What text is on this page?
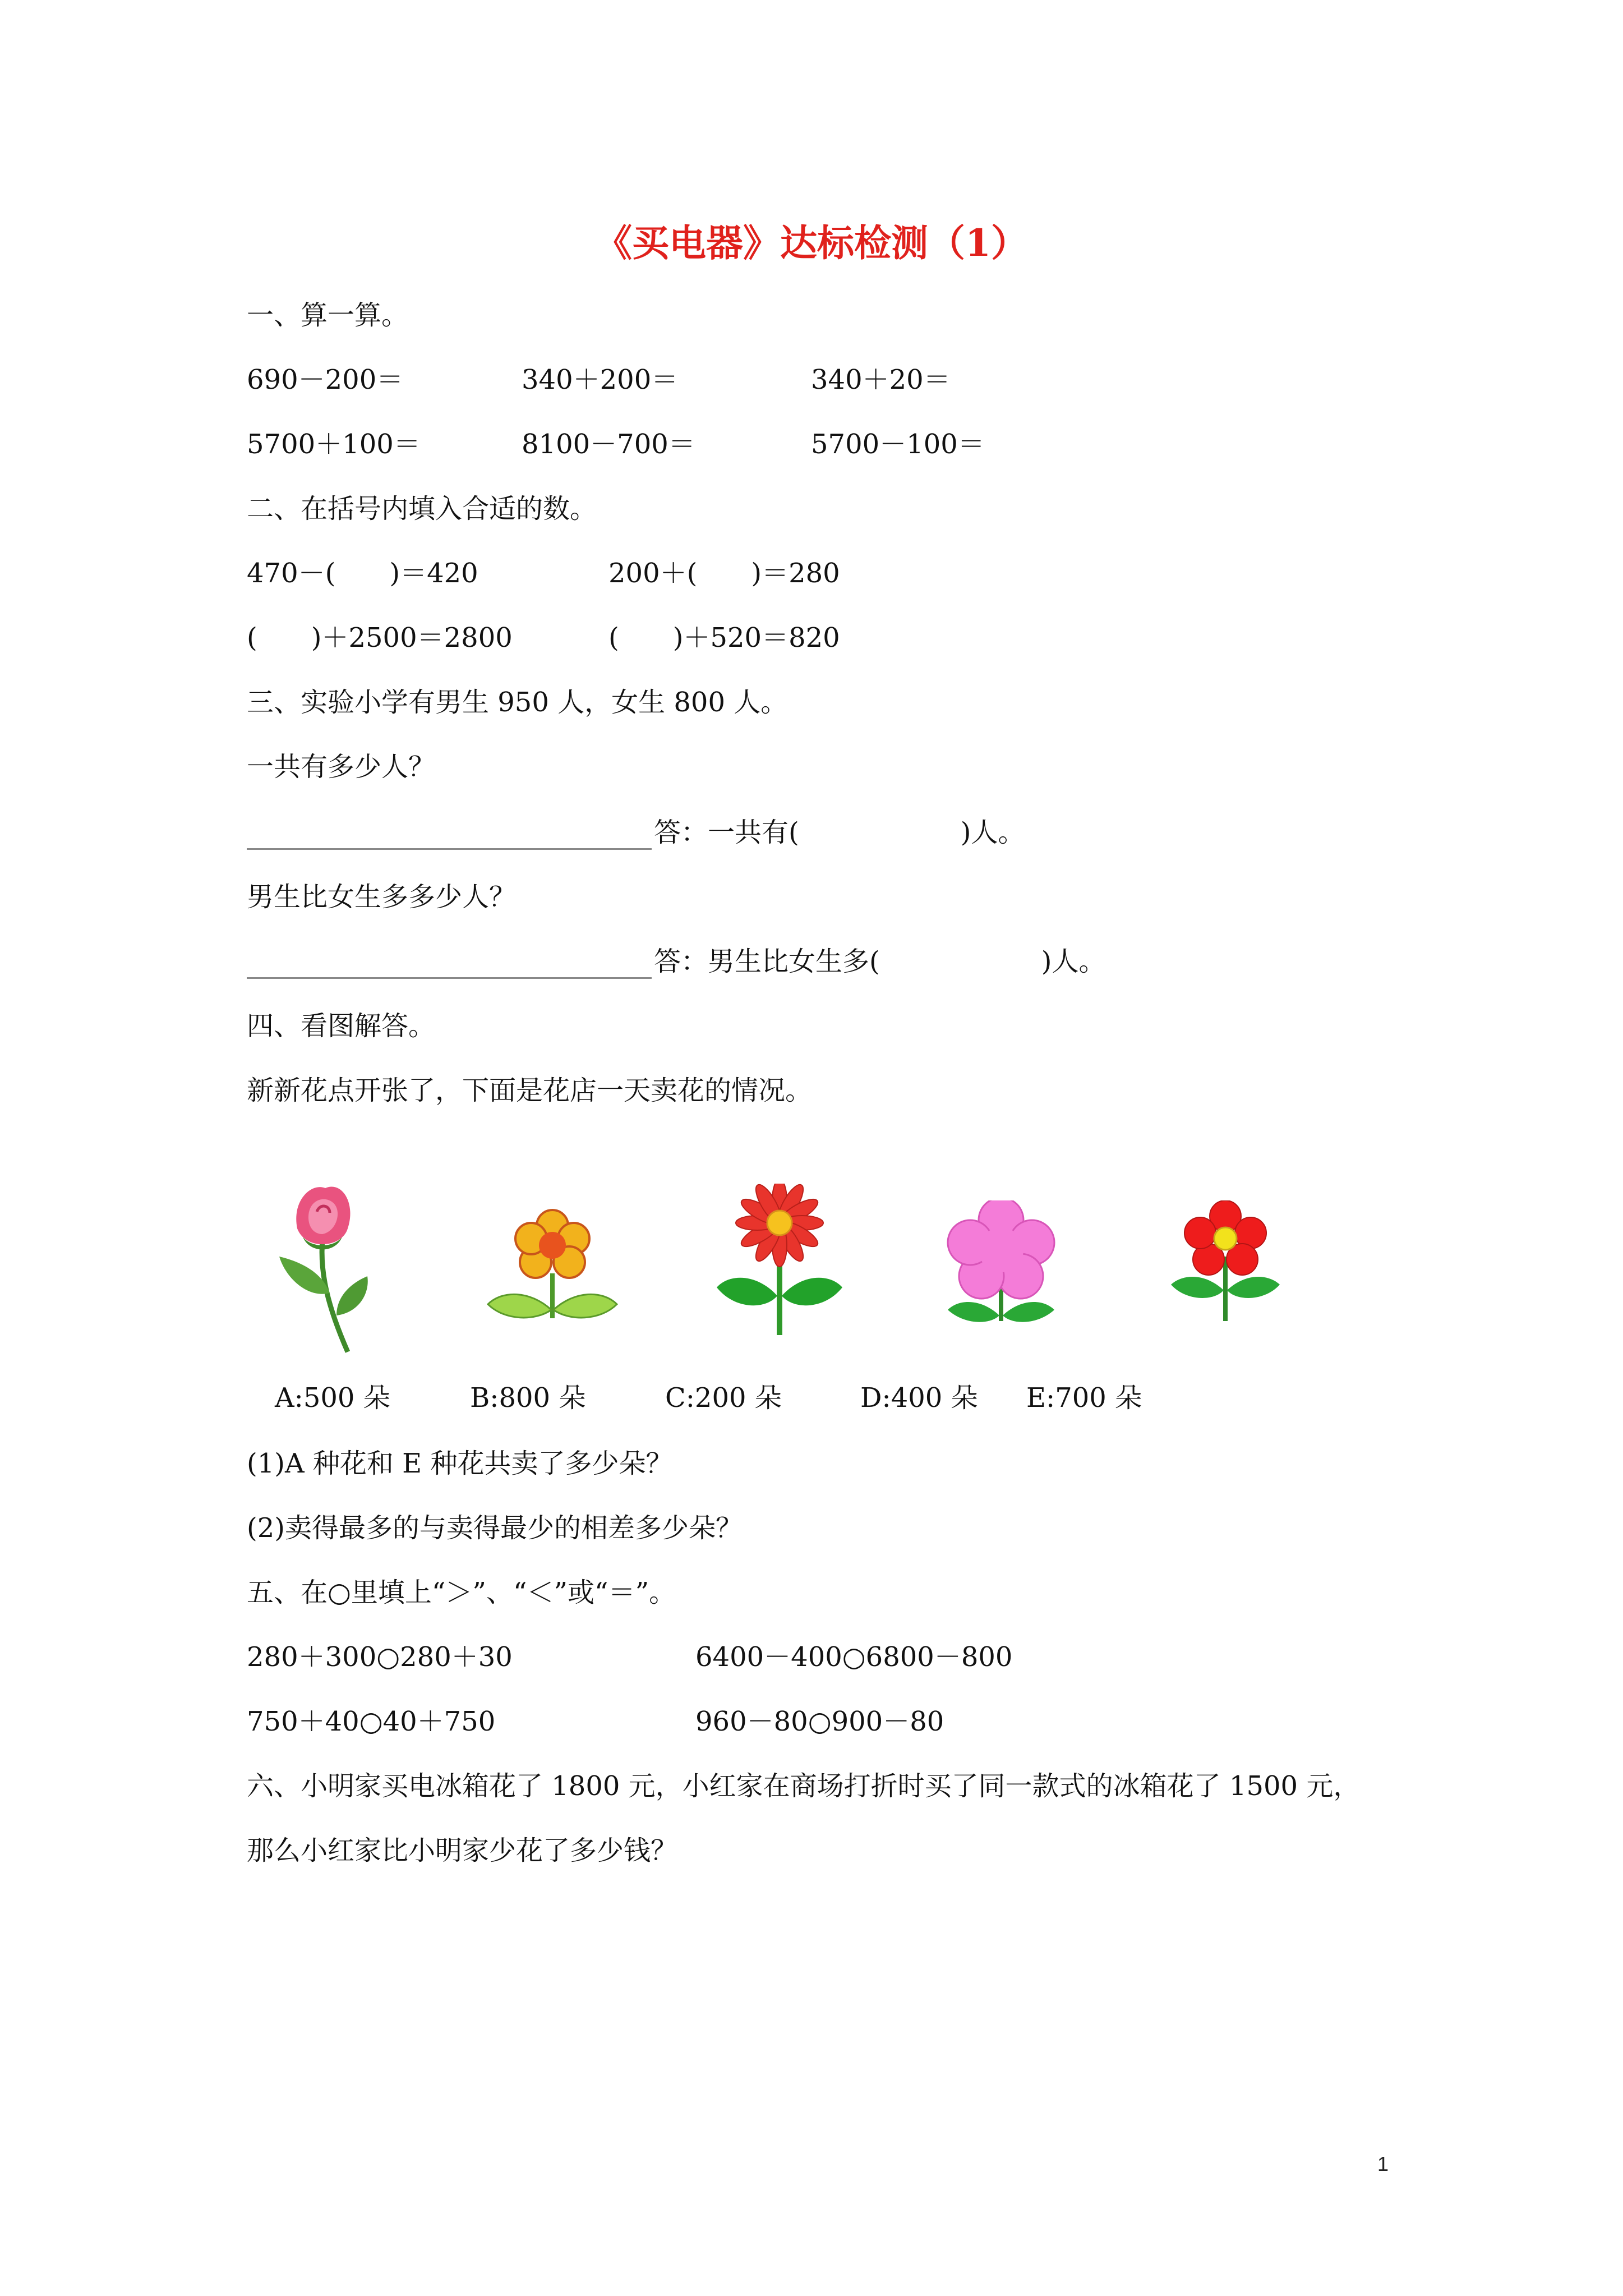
《买电器》达标检测（1）
一、算一算。
690－200＝	340＋200＝	340＋20＝
5700＋100＝	8100－700＝	5700－100＝
二、在括号内填入合适的数。
470－(　　)＝420	200＋(　　)＝280
(　　)＋2500＝2800	(　　)＋520＝820
三、实验小学有男生 950 人，女生 800 人。
一共有多少人？
答：一共有(　　　　　　)人。
男生比女生多多少人？
答：男生比女生多(　　　　　　)人。
四、看图解答。
新新花点开张了，下面是花店一天卖花的情况。
A:500 朵	B:800 朵	C:200 朵	D:400 朵 E:700 朵
(1)A 种花和 E 种花共卖了多少朵？
(2)卖得最多的与卖得最少的相差多少朵？
五、在○里填上“＞”、“＜”或“＝”。
280＋300○280＋30	6400－400○6800－800
750＋40○40＋750	960－80○900－80
六、小明家买电冰箱花了 1800 元，小红家在商场打折时买了同一款式的冰箱花了 1500 元，
那么小红家比小明家少花了多少钱？
1
